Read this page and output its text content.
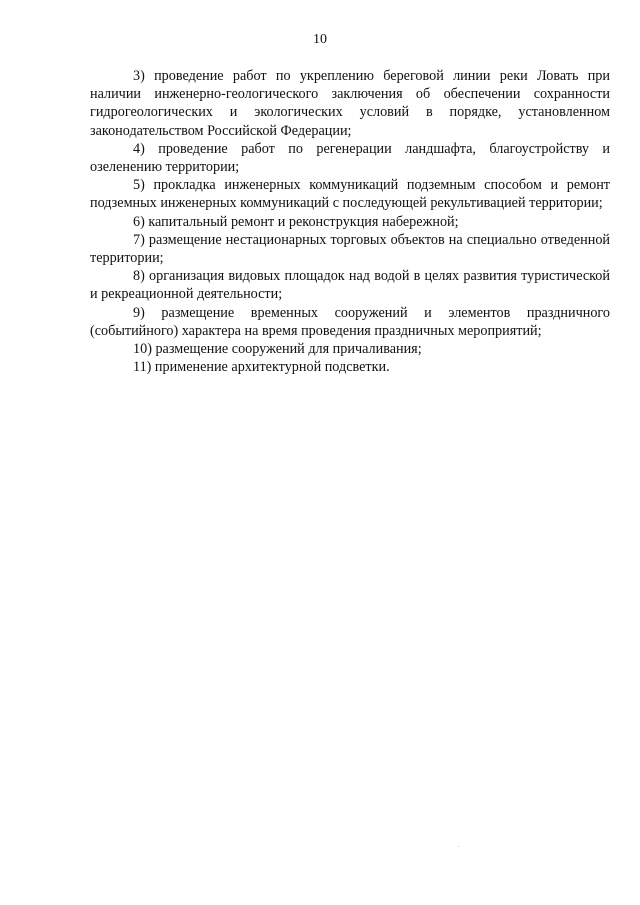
10

3) проведение работ по укреплению береговой линии реки Ловать при наличии инженерно-геологического заключения об обеспечении сохранности гидрогеологических и экологических условий в порядке, установленном законодательством Российской Федерации;

4) проведение работ по регенерации ландшафта, благоустройству и озеленению территории;

5) прокладка инженерных коммуникаций подземным способом и ремонт подземных инженерных коммуникаций с последующей рекультивацией территории;

6) капитальный ремонт и реконструкция набережной;

7) размещение нестационарных торговых объектов на специально отведенной территории;

8) организация видовых площадок над водой в целях развития туристической и рекреационной деятельности;

9) размещение временных сооружений и элементов праздничного (событийного) характера на время проведения праздничных мероприятий;

10) размещение сооружений для причаливания;

11) применение архитектурной подсветки.
